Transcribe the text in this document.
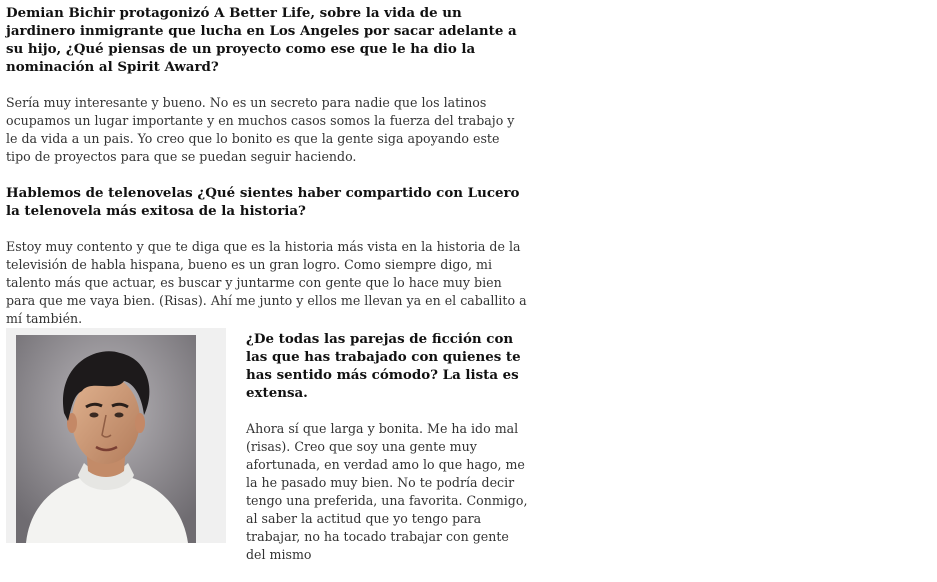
Demian Bichir protagonizó A Better Life, sobre la vida de un jardinero inmigrante que lucha en Los Angeles por sacar adelante a su hijo, ¿Qué piensas de un proyecto como ese que le ha dio la nominación al Spirit Award?

Sería muy interesante y bueno. No es un secreto para nadie que los latinos ocupamos un lugar importante y en muchos casos somos la fuerza del trabajo y le da vida a un pais. Yo creo que lo bonito es que la gente siga apoyando este tipo de proyectos para que se puedan seguir haciendo.

Hablemos de telenovelas ¿Qué sientes haber compartido con Lucero la telenovela más exitosa de la historia?

Estoy muy contento y que te diga que es la historia más vista en la historia de la televisión de habla hispana, bueno es un gran logro. Como siempre digo, mi talento más que actuar, es buscar y juntarme con gente que lo hace muy bien para que me vaya bien. (Risas). Ahí me junto y ellos me llevan ya en el caballito a mí también.

¿De todas las parejas de ficción con las que has trabajado con quienes te has sentido más cómodo? La lista es extensa.

Ahora sí que larga y bonita. Me ha ido mal (risas). Creo que soy una gente muy afortunada, en verdad amo lo que hago, me la he pasado muy bien. No te podría decir tengo una preferida, una favorita. Conmigo, al saber la actitud que yo tengo para trabajar, no ha tocado trabajar con gente del mismo
